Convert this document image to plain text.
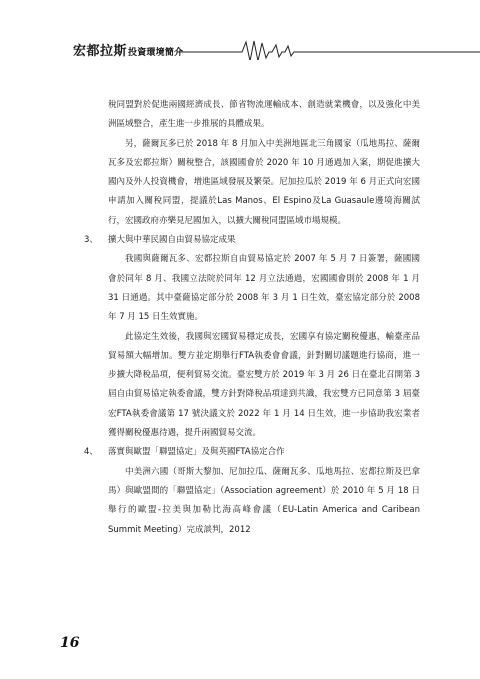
宏都拉斯 投資環境簡介

稅同盟對於促進兩國經濟成長、節省物流運輸成本、創造就業機會，以及強化中美洲區域整合，產生進一步推展的具體成果。

另，薩爾瓦多已於 2018 年 8 月加入中美洲地區北三角國家（瓜地馬拉、薩爾瓦多及宏都拉斯）關稅整合，該國國會於 2020 年 10 月通過加入案，期促進擴大國內及外人投資機會，增進區域發展及繁榮。尼加拉瓜於 2019 年 6 月正式向宏國申請加入關稅同盟，提議於Las Manos、El Espino及La Guasaule邊境海關試行，宏國政府亦樂見尼國加入，以擴大關稅同盟區域市場規模。

3、	擴大與中華民國自由貿易協定成果

我國與薩爾瓦多、宏都拉斯自由貿易協定於 2007 年 5 月 7 日簽署，薩國國會於同年 8 月、我國立法院於同年 12 月立法通過，宏國國會則於 2008 年 1 月 31 日通過。其中臺薩協定部分於 2008 年 3 月 1 日生效，臺宏協定部分於 2008 年 7 月 15 日生效實施。

此協定生效後，我國與宏國貿易穩定成長，宏國享有協定關稅優惠，輸臺產品貿易額大幅增加。雙方並定期舉行FTA執委會會議，針對關切議題進行協商，進一步擴大降稅品項，便利貿易交流。臺宏雙方於 2019 年 3 月 26 日在臺北召開第 3 屆自由貿易協定執委會議，雙方針對降稅品項達到共識，我宏雙方已同意第 3 屆臺宏FTA執委會議第 17 號決議文於 2022 年 1 月 14 日生效，進一步協助我宏業者獲得關稅優惠待遇，提升兩國貿易交流。

4、	落實與歐盟「聯盟協定」及與英國FTA協定合作

中美洲六國（哥斯大黎加、尼加拉瓜、薩爾瓦多、瓜地馬拉、宏都拉斯及巴拿馬）與歐盟間的「聯盟協定」（Association agreement）於 2010 年 5 月 18 日舉行的歐盟-拉美與加勒比海高峰會議（EU-Latin America and Caribean Summit Meeting）完成談判，2012

16
